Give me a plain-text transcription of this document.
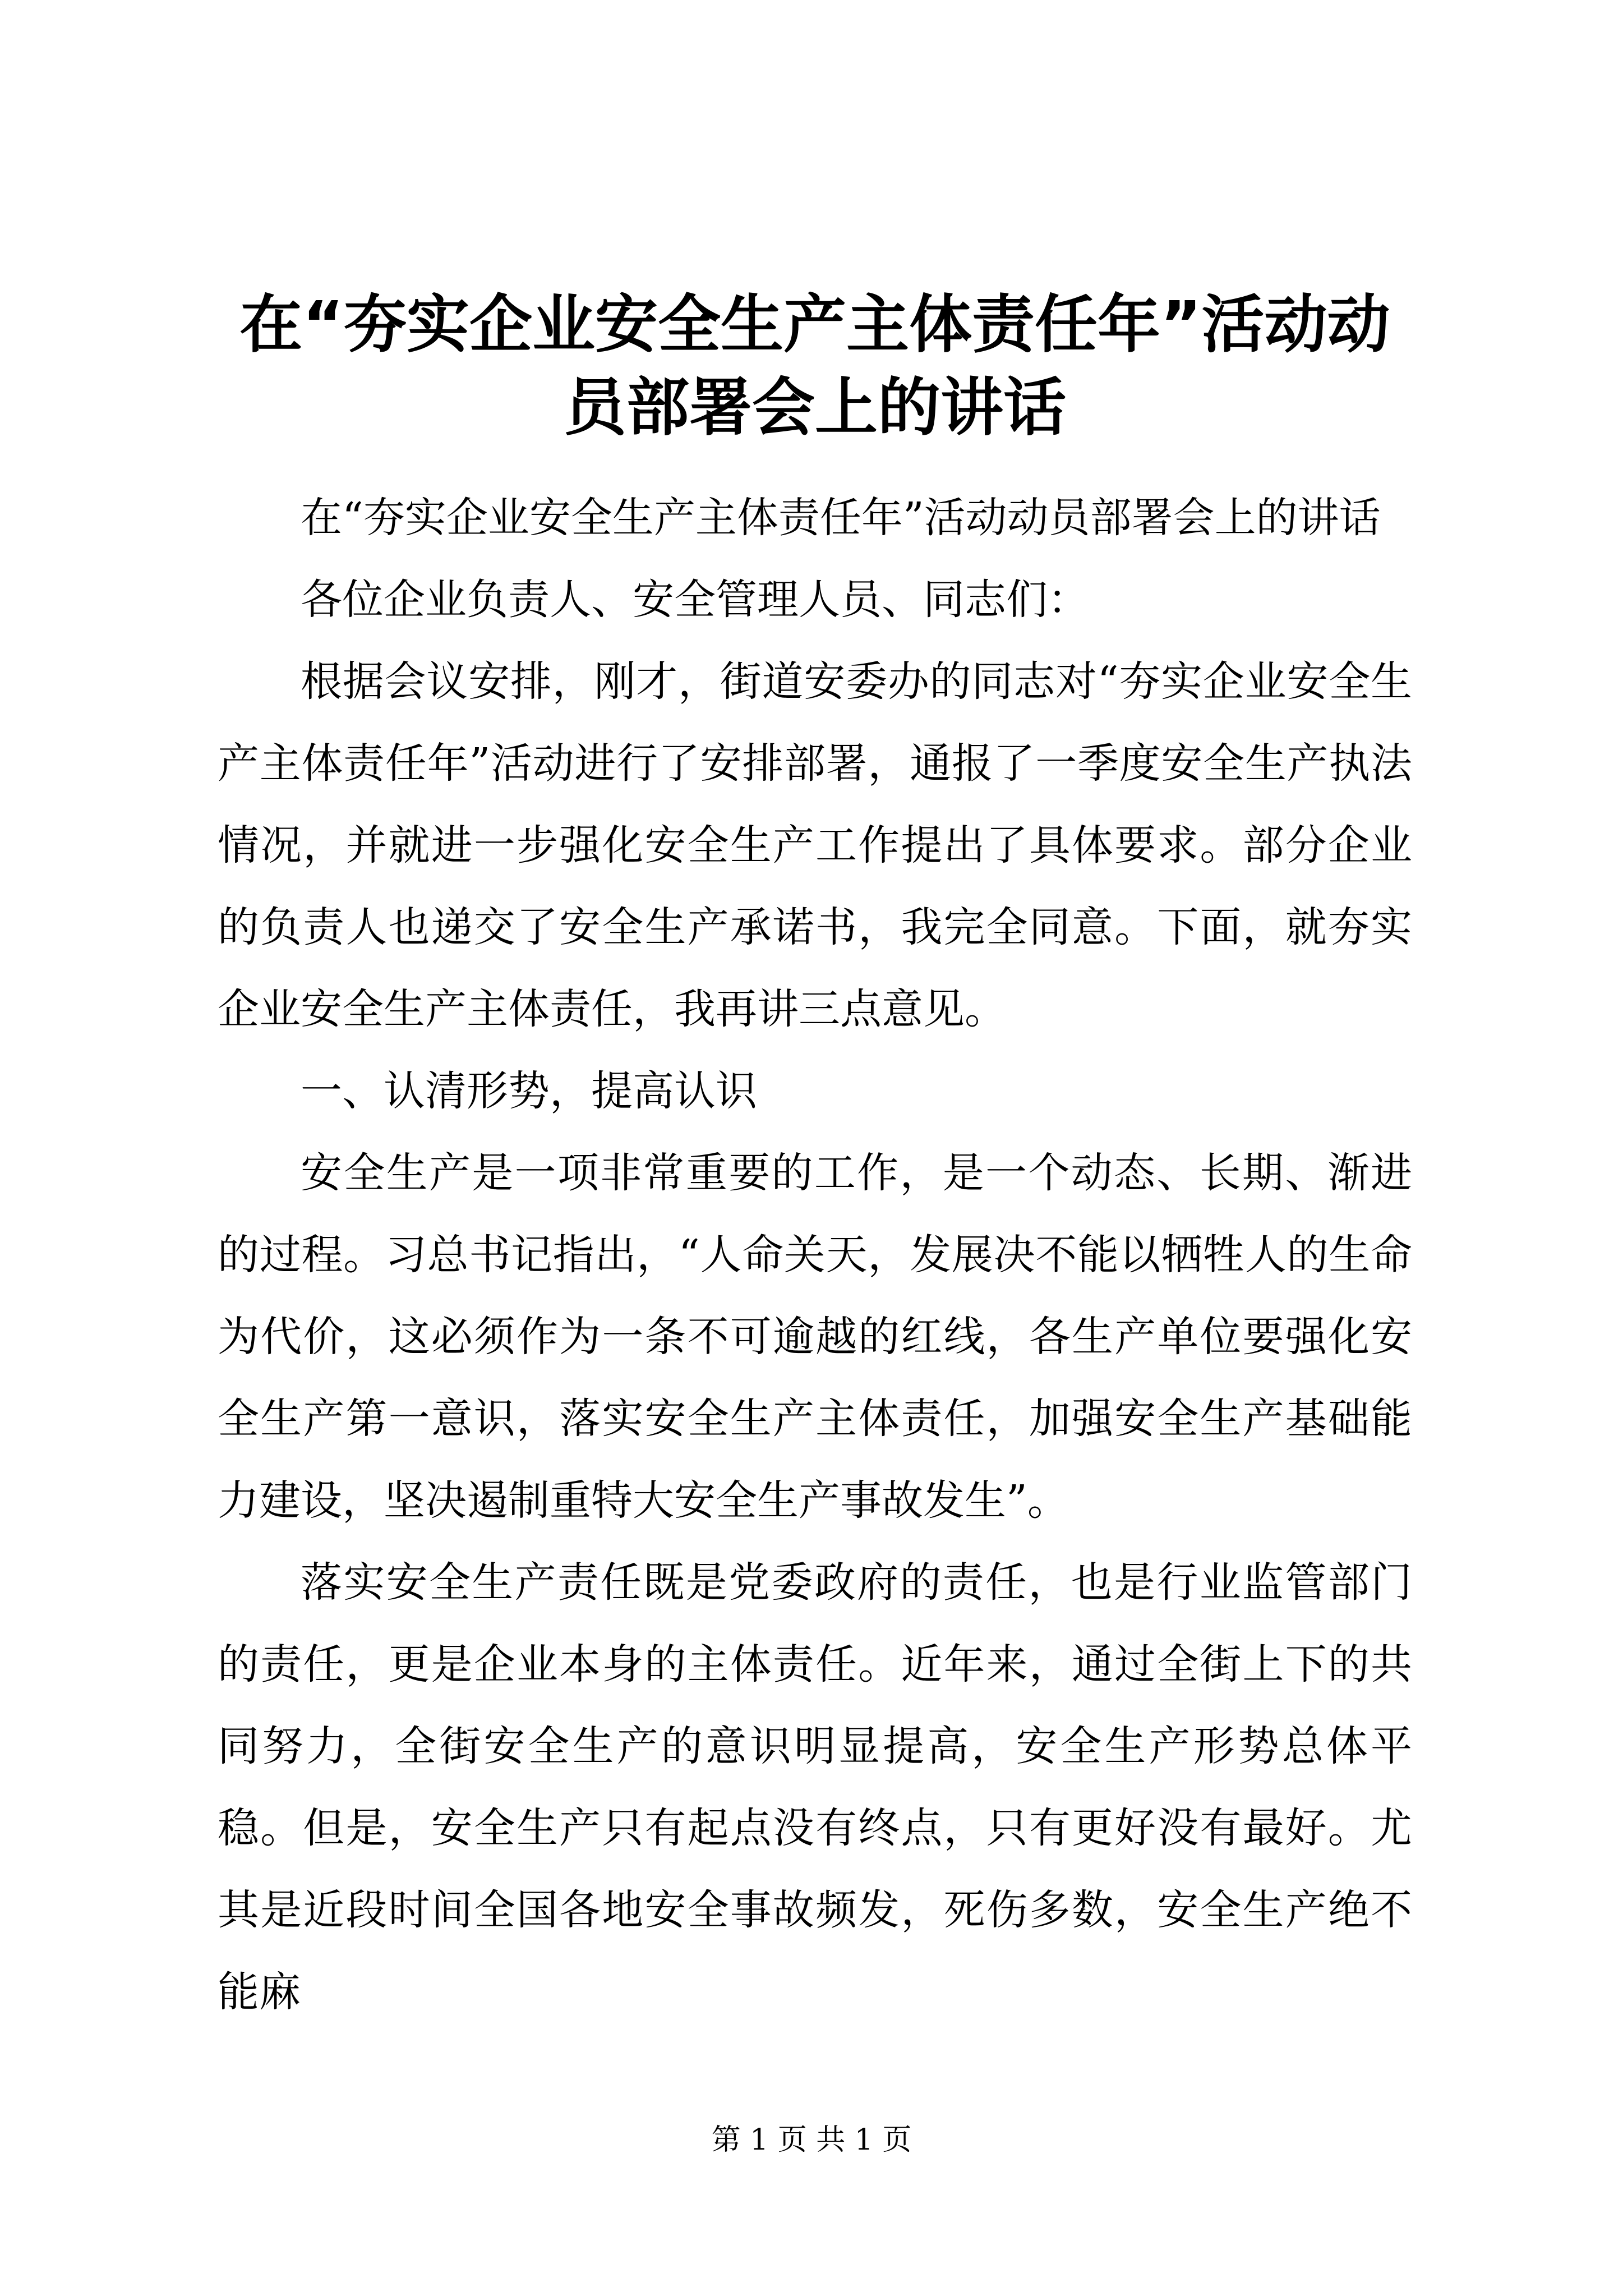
在“夯实企业安全生产主体责任年”活动动员部署会上的讲话

在“夯实企业安全生产主体责任年”活动动员部署会上的讲话

各位企业负责人、安全管理人员、同志们：

根据会议安排，刚才，街道安委办的同志对“夯实企业安全生产主体责任年”活动进行了安排部署，通报了一季度安全生产执法情况，并就进一步强化安全生产工作提出了具体要求。部分企业的负责人也递交了安全生产承诺书，我完全同意。下面，就夯实企业安全生产主体责任，我再讲三点意见。

一、认清形势，提高认识

安全生产是一项非常重要的工作，是一个动态、长期、渐进的过程。习总书记指出，“人命关天，发展决不能以牺牲人的生命为代价，这必须作为一条不可逾越的红线，各生产单位要强化安全生产第一意识，落实安全生产主体责任，加强安全生产基础能力建设，坚决遏制重特大安全生产事故发生”。

落实安全生产责任既是党委政府的责任，也是行业监管部门的责任，更是企业本身的主体责任。近年来，通过全街上下的共同努力，全街安全生产的意识明显提高，安全生产形势总体平稳。但是，安全生产只有起点没有终点，只有更好没有最好。尤其是近段时间全国各地安全事故频发，死伤多数，安全生产绝不能麻

第 1 页 共 1 页
